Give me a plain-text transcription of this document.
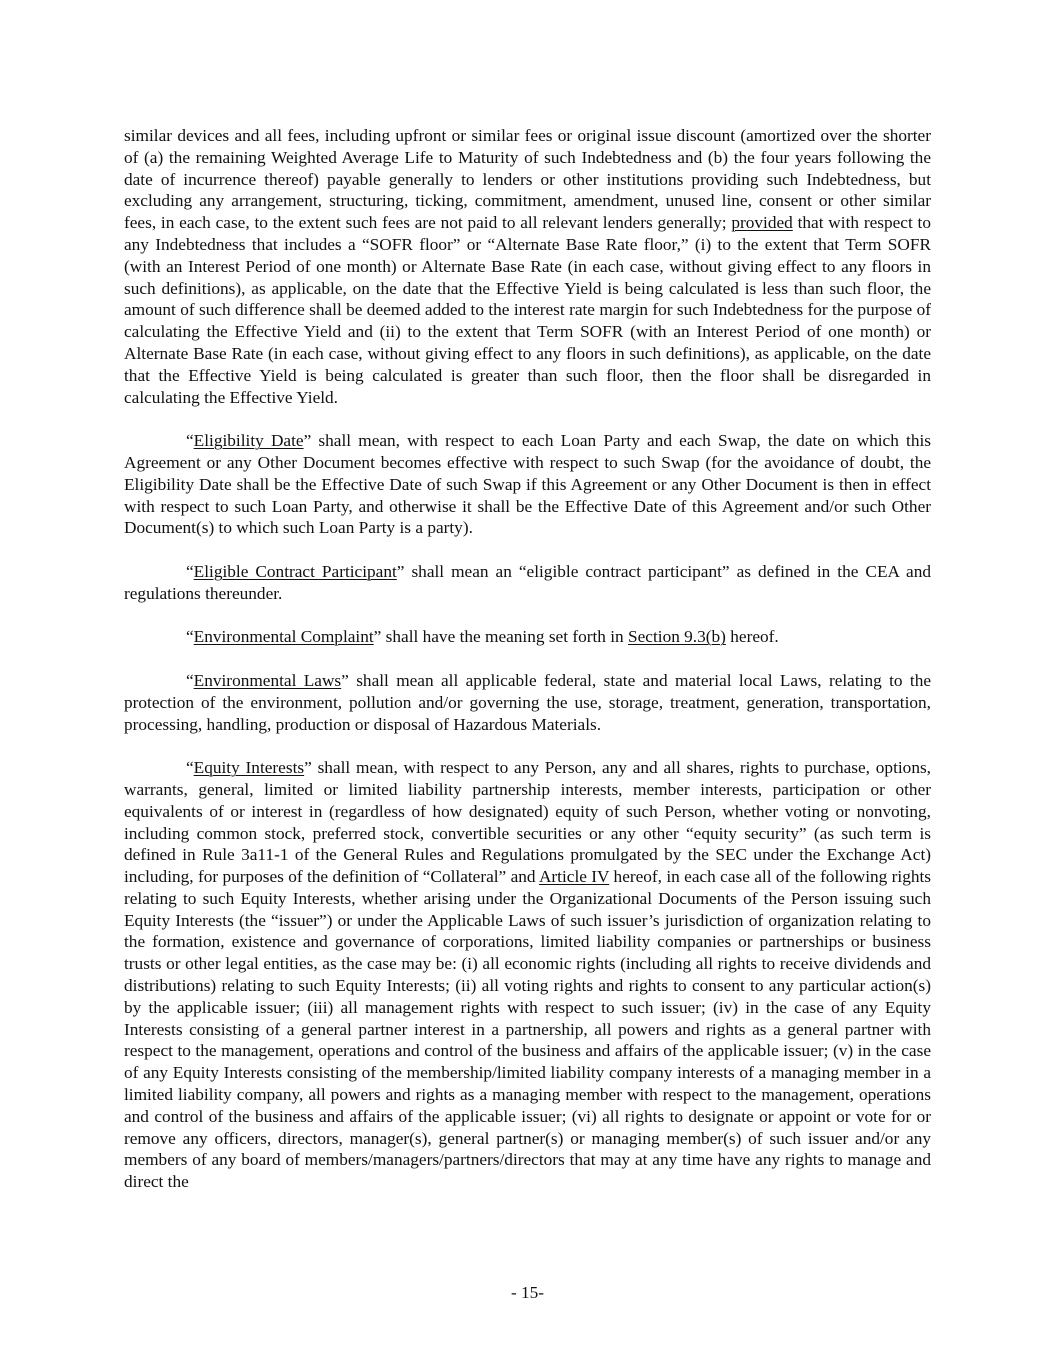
similar devices and all fees, including upfront or similar fees or original issue discount (amortized over the shorter of (a) the remaining Weighted Average Life to Maturity of such Indebtedness and (b) the four years following the date of incurrence thereof) payable generally to lenders or other institutions providing such Indebtedness, but excluding any arrangement, structuring, ticking, commitment, amendment, unused line, consent or other similar fees, in each case, to the extent such fees are not paid to all relevant lenders generally; provided that with respect to any Indebtedness that includes a “SOFR floor” or “Alternate Base Rate floor,” (i) to the extent that Term SOFR (with an Interest Period of one month) or Alternate Base Rate (in each case, without giving effect to any floors in such definitions), as applicable, on the date that the Effective Yield is being calculated is less than such floor, the amount of such difference shall be deemed added to the interest rate margin for such Indebtedness for the purpose of calculating the Effective Yield and (ii) to the extent that Term SOFR (with an Interest Period of one month) or Alternate Base Rate (in each case, without giving effect to any floors in such definitions), as applicable, on the date that the Effective Yield is being calculated is greater than such floor, then the floor shall be disregarded in calculating the Effective Yield.

“Eligibility Date” shall mean, with respect to each Loan Party and each Swap, the date on which this Agreement or any Other Document becomes effective with respect to such Swap (for the avoidance of doubt, the Eligibility Date shall be the Effective Date of such Swap if this Agreement or any Other Document is then in effect with respect to such Loan Party, and otherwise it shall be the Effective Date of this Agreement and/or such Other Document(s) to which such Loan Party is a party).

“Eligible Contract Participant” shall mean an “eligible contract participant” as defined in the CEA and regulations thereunder.

“Environmental Complaint” shall have the meaning set forth in Section 9.3(b) hereof.

“Environmental Laws” shall mean all applicable federal, state and material local Laws, relating to the protection of the environment, pollution and/or governing the use, storage, treatment, generation, transportation, processing, handling, production or disposal of Hazardous Materials.

“Equity Interests” shall mean, with respect to any Person, any and all shares, rights to purchase, options, warrants, general, limited or limited liability partnership interests, member interests, participation or other equivalents of or interest in (regardless of how designated) equity of such Person, whether voting or nonvoting, including common stock, preferred stock, convertible securities or any other “equity security” (as such term is defined in Rule 3a11-1 of the General Rules and Regulations promulgated by the SEC under the Exchange Act) including, for purposes of the definition of “Collateral” and Article IV hereof, in each case all of the following rights relating to such Equity Interests, whether arising under the Organizational Documents of the Person issuing such Equity Interests (the “issuer”) or under the Applicable Laws of such issuer’s jurisdiction of organization relating to the formation, existence and governance of corporations, limited liability companies or partnerships or business trusts or other legal entities, as the case may be: (i) all economic rights (including all rights to receive dividends and distributions) relating to such Equity Interests; (ii) all voting rights and rights to consent to any particular action(s) by the applicable issuer; (iii) all management rights with respect to such issuer; (iv) in the case of any Equity Interests consisting of a general partner interest in a partnership, all powers and rights as a general partner with respect to the management, operations and control of the business and affairs of the applicable issuer; (v) in the case of any Equity Interests consisting of the membership/limited liability company interests of a managing member in a limited liability company, all powers and rights as a managing member with respect to the management, operations and control of the business and affairs of the applicable issuer; (vi) all rights to designate or appoint or vote for or remove any officers, directors, manager(s), general partner(s) or managing member(s) of such issuer and/or any members of any board of members/managers/partners/directors that may at any time have any rights to manage and direct the

- 15-
